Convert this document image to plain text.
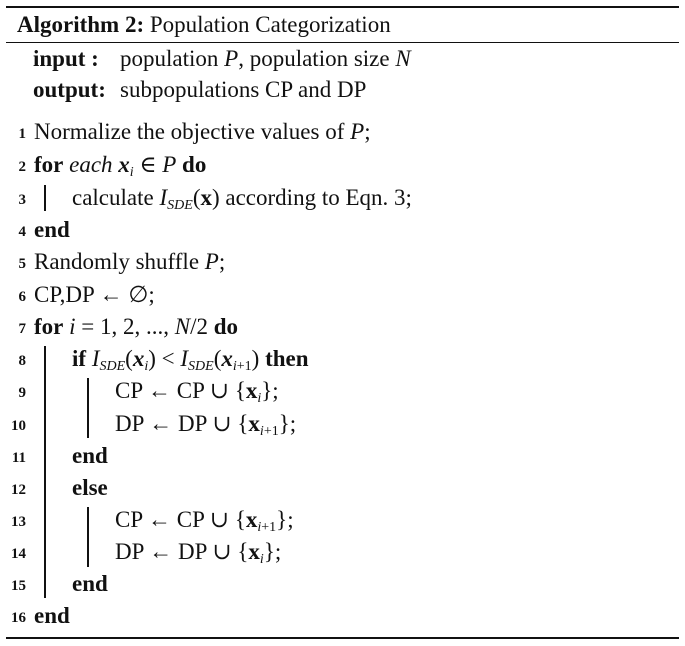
Algorithm 2: Population Categorization
input : population P, population size N
output: subpopulations CP and DP
1 Normalize the objective values of P;
2 for each $x_i$ ∈ P do
3 calculate $I_{SDE}(x)$ according to Eqn. 3;
4 end
5 Randomly shuffle P;
6 CP,DP ← ∅;
7 for i = 1, 2, ..., N/2 do
8 if $I_{SDE}(x_i) < I_{SDE}(x_{i+1})$ then
9	CP ← CP ∪ $\{x_i\}$;
10	DP ← DP ∪ $\{x_{i+1}\}$;
11 end
12 else
13	CP ← CP ∪ $\{x_{i+1}\}$;
14	DP ← DP ∪ $\{x_i\}$;
15 end
16 end
